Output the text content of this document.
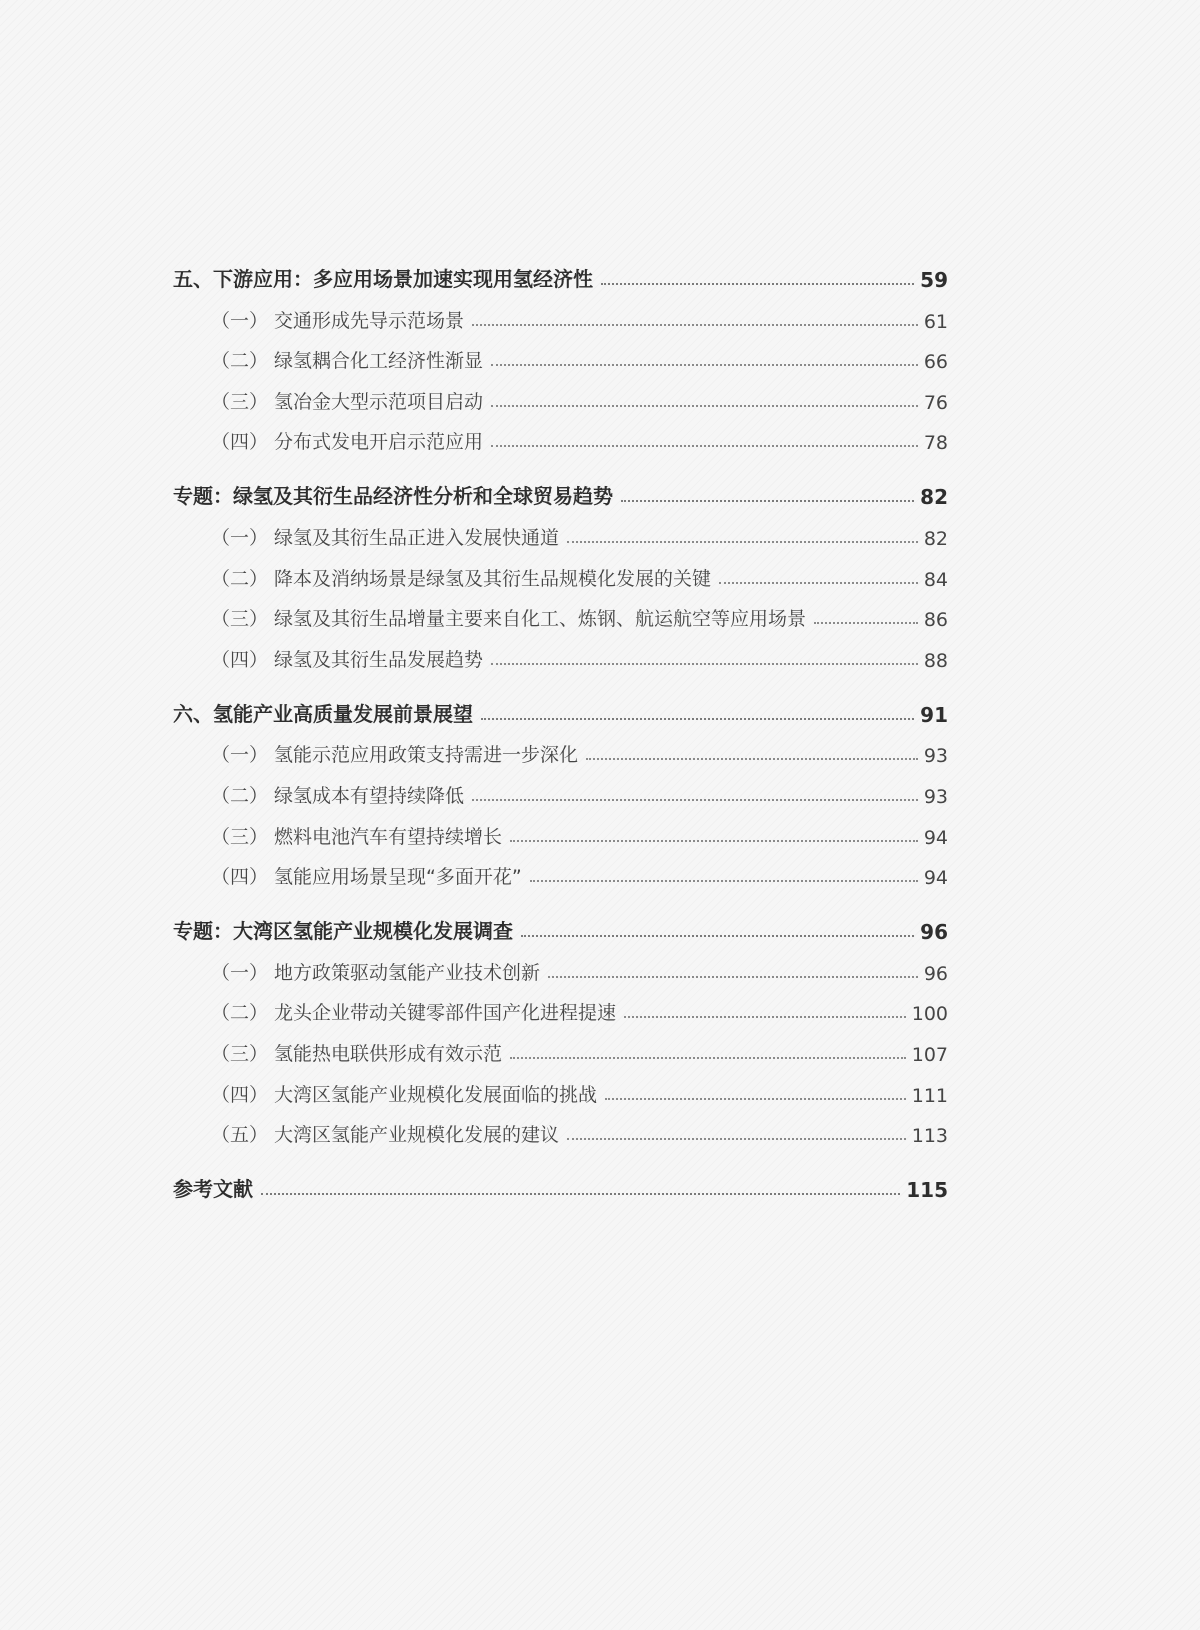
五、下游应用：多应用场景加速实现用氢经济性	59
（一） 交通形成先导示范场景	61
（二） 绿氢耦合化工经济性渐显	66
（三） 氢冶金大型示范项目启动	76
（四） 分布式发电开启示范应用	78
专题：绿氢及其衍生品经济性分析和全球贸易趋势	82
（一） 绿氢及其衍生品正进入发展快通道	82
（二） 降本及消纳场景是绿氢及其衍生品规模化发展的关键	84
（三） 绿氢及其衍生品增量主要来自化工、炼钢、航运航空等应用场景	86
（四） 绿氢及其衍生品发展趋势	88
六、氢能产业高质量发展前景展望	91
（一） 氢能示范应用政策支持需进一步深化	93
（二） 绿氢成本有望持续降低	93
（三） 燃料电池汽车有望持续增长	94
（四） 氢能应用场景呈现“多面开花”	94
专题：大湾区氢能产业规模化发展调查	96
（一） 地方政策驱动氢能产业技术创新	96
（二） 龙头企业带动关键零部件国产化进程提速	100
（三） 氢能热电联供形成有效示范	107
（四） 大湾区氢能产业规模化发展面临的挑战	111
（五） 大湾区氢能产业规模化发展的建议	113
参考文献	115
